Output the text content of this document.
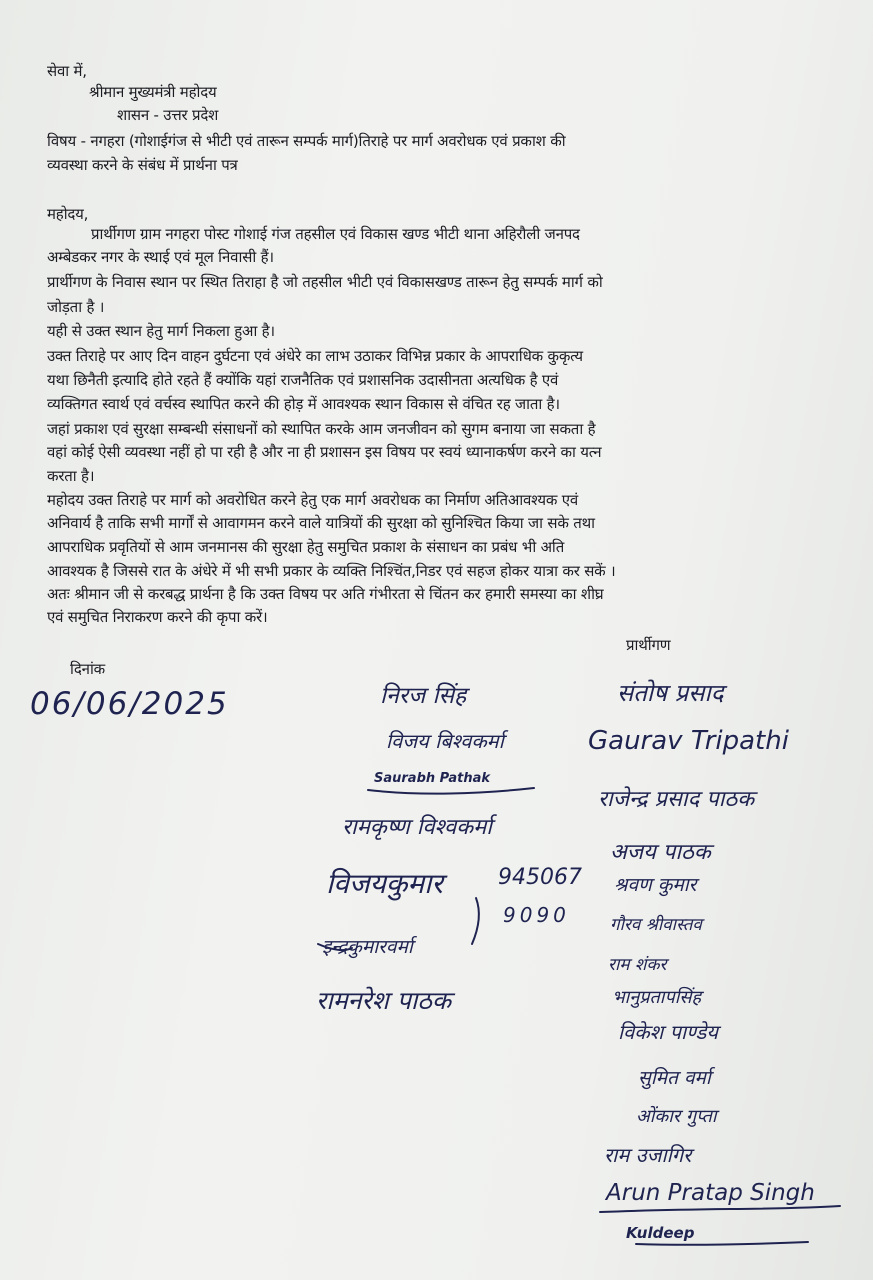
सेवा में,

श्रीमान मुख्यमंत्री महोदय

शासन - उत्तर प्रदेश

विषय - नगहरा (गोशाईगंज से भीटी एवं तारून सम्पर्क मार्ग)तिराहे पर मार्ग अवरोधक एवं प्रकाश की

व्यवस्था करने के संबंध में प्रार्थना पत्र

महोदय,

प्रार्थीगण ग्राम नगहरा पोस्ट गोशाई गंज तहसील एवं विकास खण्ड भीटी थाना अहिरौली जनपद

अम्बेडकर नगर के स्थाई एवं मूल निवासी हैं।

प्रार्थीगण के निवास स्थान पर स्थित तिराहा है जो तहसील भीटी एवं विकासखण्ड तारून हेतु सम्पर्क मार्ग को

जोड़ता है ।

यही से उक्त स्थान हेतु मार्ग निकला हुआ है।

उक्त तिराहे पर आए दिन वाहन दुर्घटना एवं अंधेरे का लाभ उठाकर विभिन्न प्रकार के आपराधिक कुकृत्य

यथा छिनैती इत्यादि होते रहते हैं क्योंकि यहां राजनैतिक एवं प्रशासनिक उदासीनता अत्यधिक है एवं

व्यक्तिगत स्वार्थ एवं वर्चस्व स्थापित करने की होड़ में आवश्यक स्थान विकास से वंचित रह जाता है।

जहां प्रकाश एवं सुरक्षा सम्बन्धी संसाधनों को स्थापित करके आम जनजीवन को सुगम बनाया जा सकता है

वहां कोई ऐसी व्यवस्था नहीं हो पा रही है और ना ही प्रशासन इस विषय पर स्वयं ध्यानाकर्षण करने का यत्न

करता है।

महोदय उक्त तिराहे पर मार्ग को अवरोधित करने हेतु एक मार्ग अवरोधक का निर्माण अतिआवश्यक एवं

अनिवार्य है ताकि सभी मार्गों से आवागमन करने वाले यात्रियों की सुरक्षा को सुनिश्चित किया जा सके तथा

आपराधिक प्रवृतियों से आम जनमानस की सुरक्षा हेतु समुचित प्रकाश के संसाधन का प्रबंध भी अति

आवश्यक है जिससे रात के अंधेरे में भी सभी प्रकार के व्यक्ति निश्चिंत,निडर एवं सहज होकर यात्रा कर सकें ।

अतः श्रीमान जी से करबद्ध प्रार्थना है कि उक्त विषय पर अति गंभीरता से चिंतन कर हमारी समस्या का शीघ्र

एवं समुचित निराकरण करने की कृपा करें।

दिनांक

06/06/2025

प्रार्थीगण

निरज सिंह

विजय बिश्वकर्मा

Saurabh Pathak

रामकृष्ण विश्वकर्मा

विजयकुमार	945067

9090

इन्द्रकुमारवर्मा

रामनरेश पाठक

संतोष प्रसाद

Gaurav Tripathi

राजेन्द्र प्रसाद पाठक

अजय पाठक

श्रवण कुमार

गौरव श्रीवास्तव

राम शंकर

भानुप्रतापसिंह

विकेश पाण्डेय

सुमित वर्मा

ओंकार गुप्ता

राम उजागिर

Arun Pratap Singh

Kuldeep
